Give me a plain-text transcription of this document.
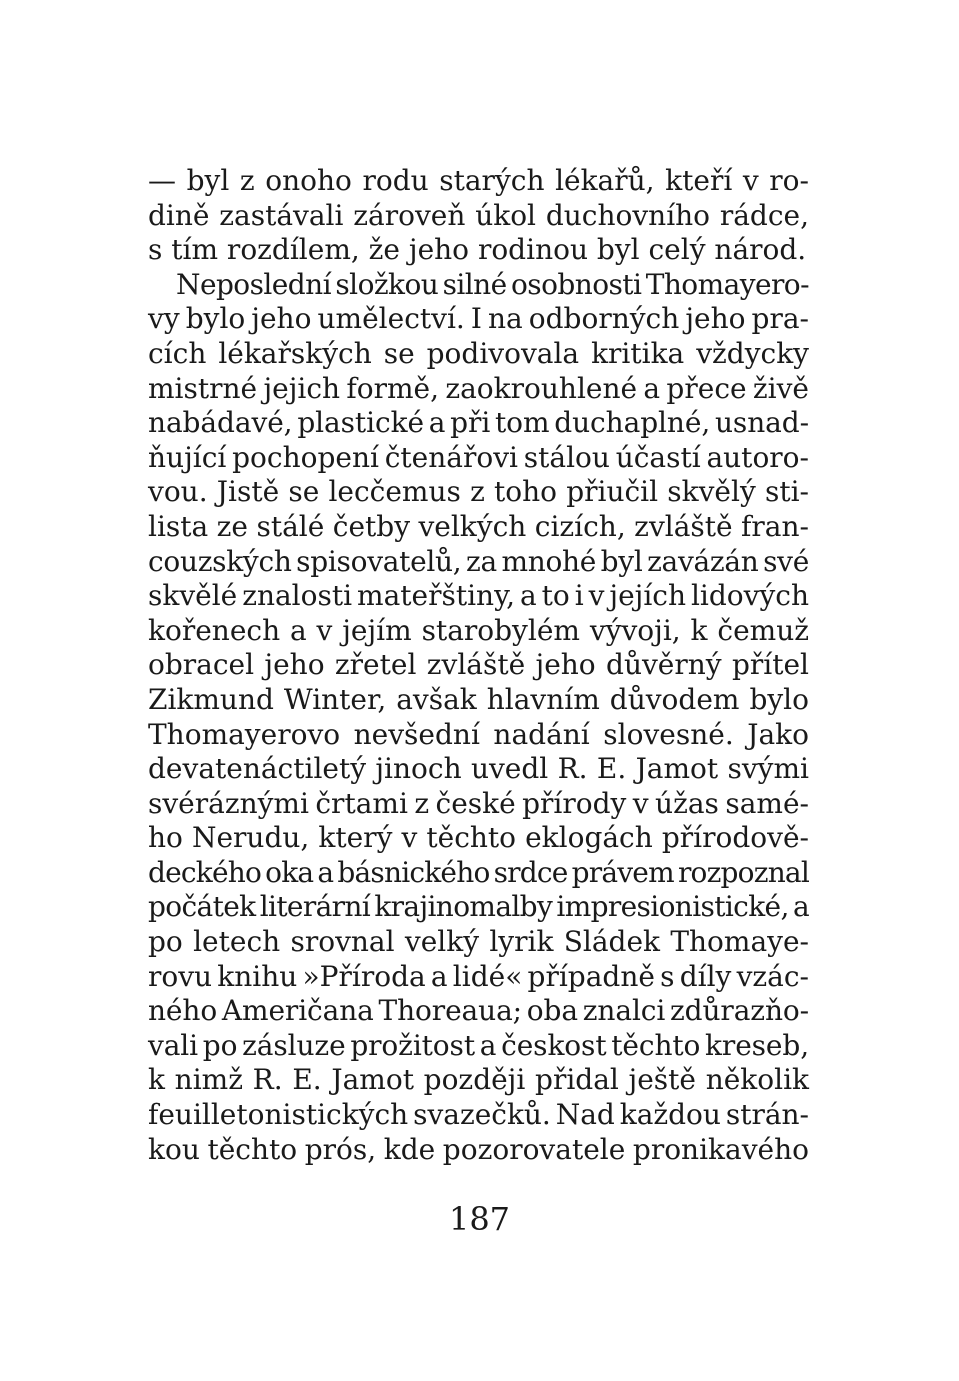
— byl z onoho rodu starých lékařů, kteří v ro-
dině zastávali zároveň úkol duchovního rádce,
s tím rozdílem, že jeho rodinou byl celý národ.
Neposlední složkou silné osobnosti Thomayero-
vy bylo jeho umělectví. I na odborných jeho pra-
cích lékařských se podivovala kritika vždycky
mistrné jejich formě, zaokrouhlené a přece živě
nabádavé, plastické a při tom duchaplné, usnad-
ňující pochopení čtenářovi stálou účastí autoro-
vou. Jistě se lecčemus z toho přiučil skvělý sti-
lista ze stálé četby velkých cizích, zvláště fran-
couzských spisovatelů, za mnohé byl zavázán své
skvělé znalosti mateřštiny, a to i v jejích lidových
kořenech a v jejím starobylém vývoji, k čemuž
obracel jeho zřetel zvláště jeho důvěrný přítel
Zikmund Winter, avšak hlavním důvodem bylo
Thomayerovo nevšední nadání slovesné. Jako
devatenáctiletý jinoch uvedl R. E. Jamot svými
svéráznými črtami z české přírody v úžas samé-
ho Nerudu, který v těchto eklogách přírodově-
deckého oka a básnického srdce právem rozpoznal
počátek literární krajinomalby impresionistické, a
po letech srovnal velký lyrik Sládek Thomaye-
rovu knihu »Příroda a lidé« případně s díly vzác-
ného Američana Thoreaua; oba znalci zdůrazňo-
vali po zásluze prožitost a českost těchto kreseb,
k nimž R. E. Jamot později přidal ještě několik
feuilletonistických svazečků. Nad každou strán-
kou těchto prós, kde pozorovatele pronikavého
187
